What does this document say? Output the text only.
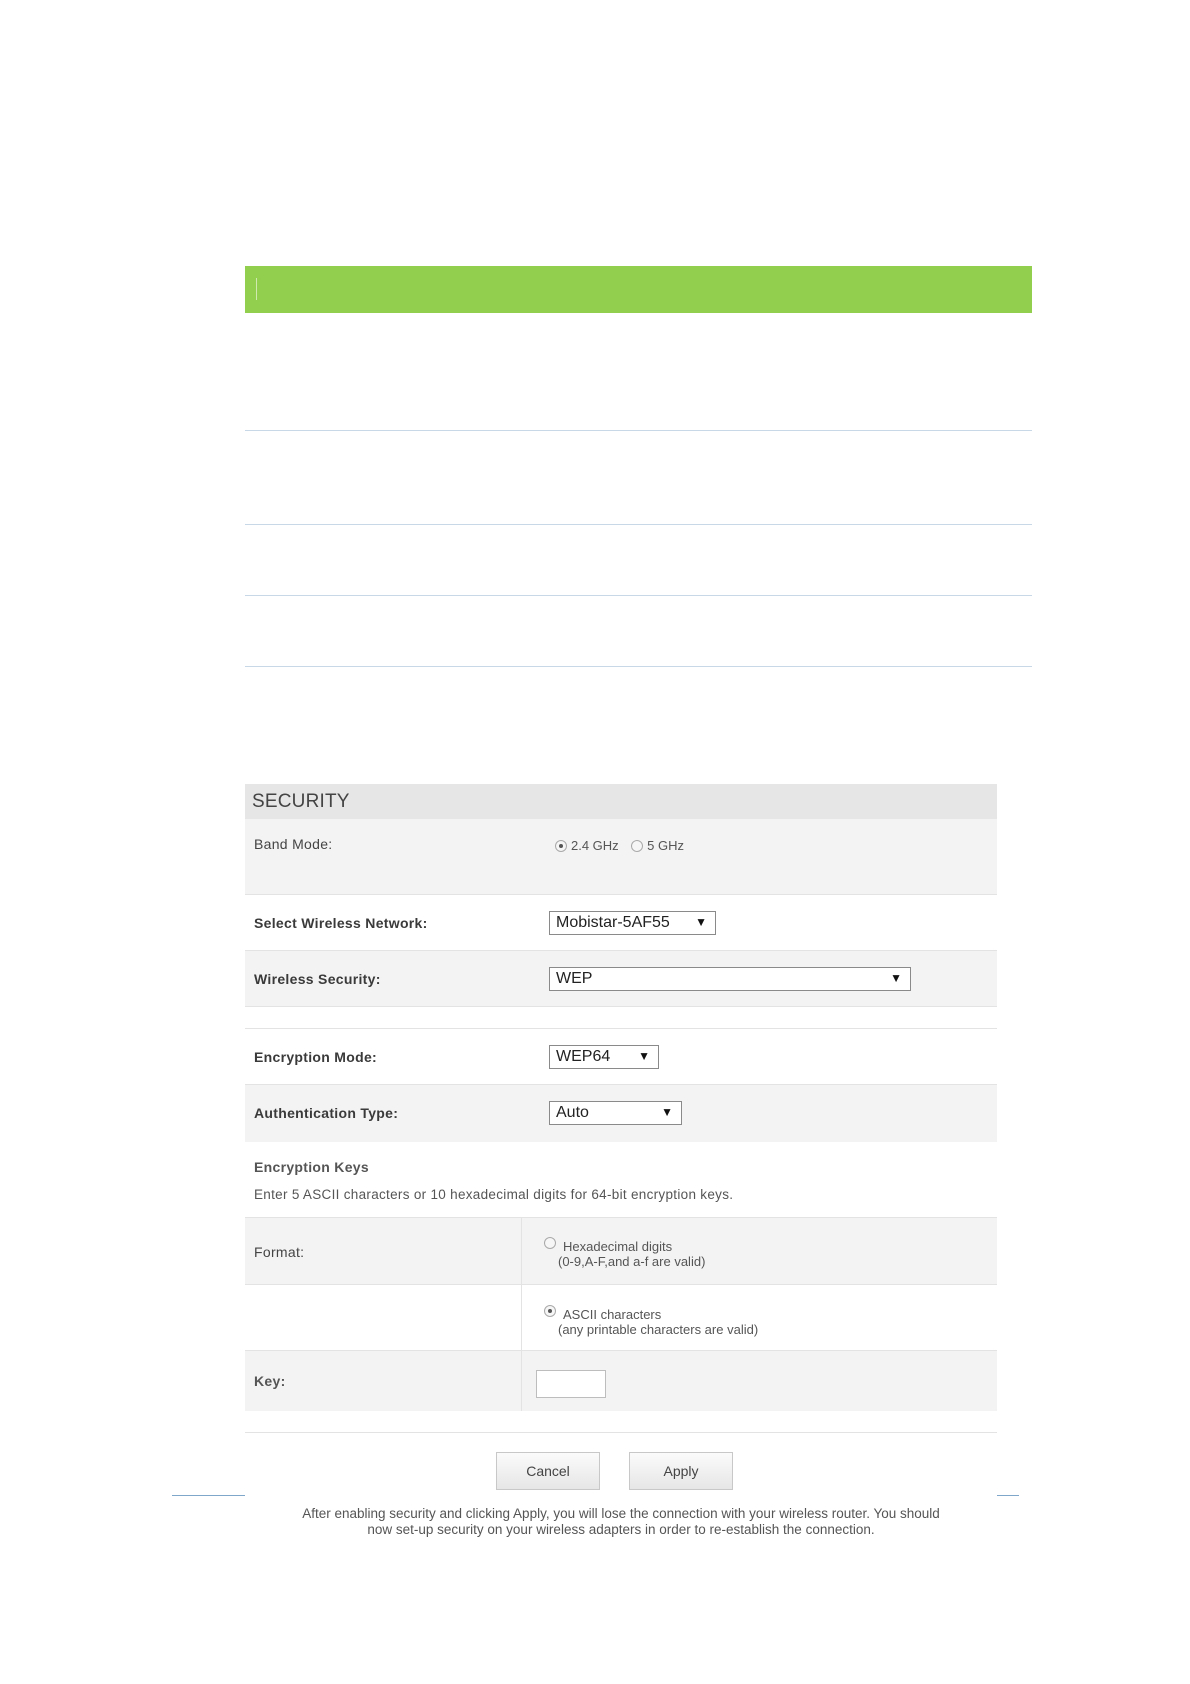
SECURITY
Band Mode:	2.4 GHz 5 GHz
Select Wireless Network:	Mobistar-5AF55 ▼
Wireless Security:	WEP	▼
Encryption Mode:	WEP64 ▼
Authentication Type:	Auto	▼
Encryption Keys
Enter 5 ASCII characters or 10 hexadecimal digits for 64-bit encryption keys.
Format:	Hexadecimal digits
(0-9,A-F,and a-f are valid)
ASCII characters
(any printable characters are valid)
Key:
Cancel	Apply
After enabling security and clicking Apply, you will lose the connection with your wireless router. You should
now set-up security on your wireless adapters in order to re-establish the connection.
